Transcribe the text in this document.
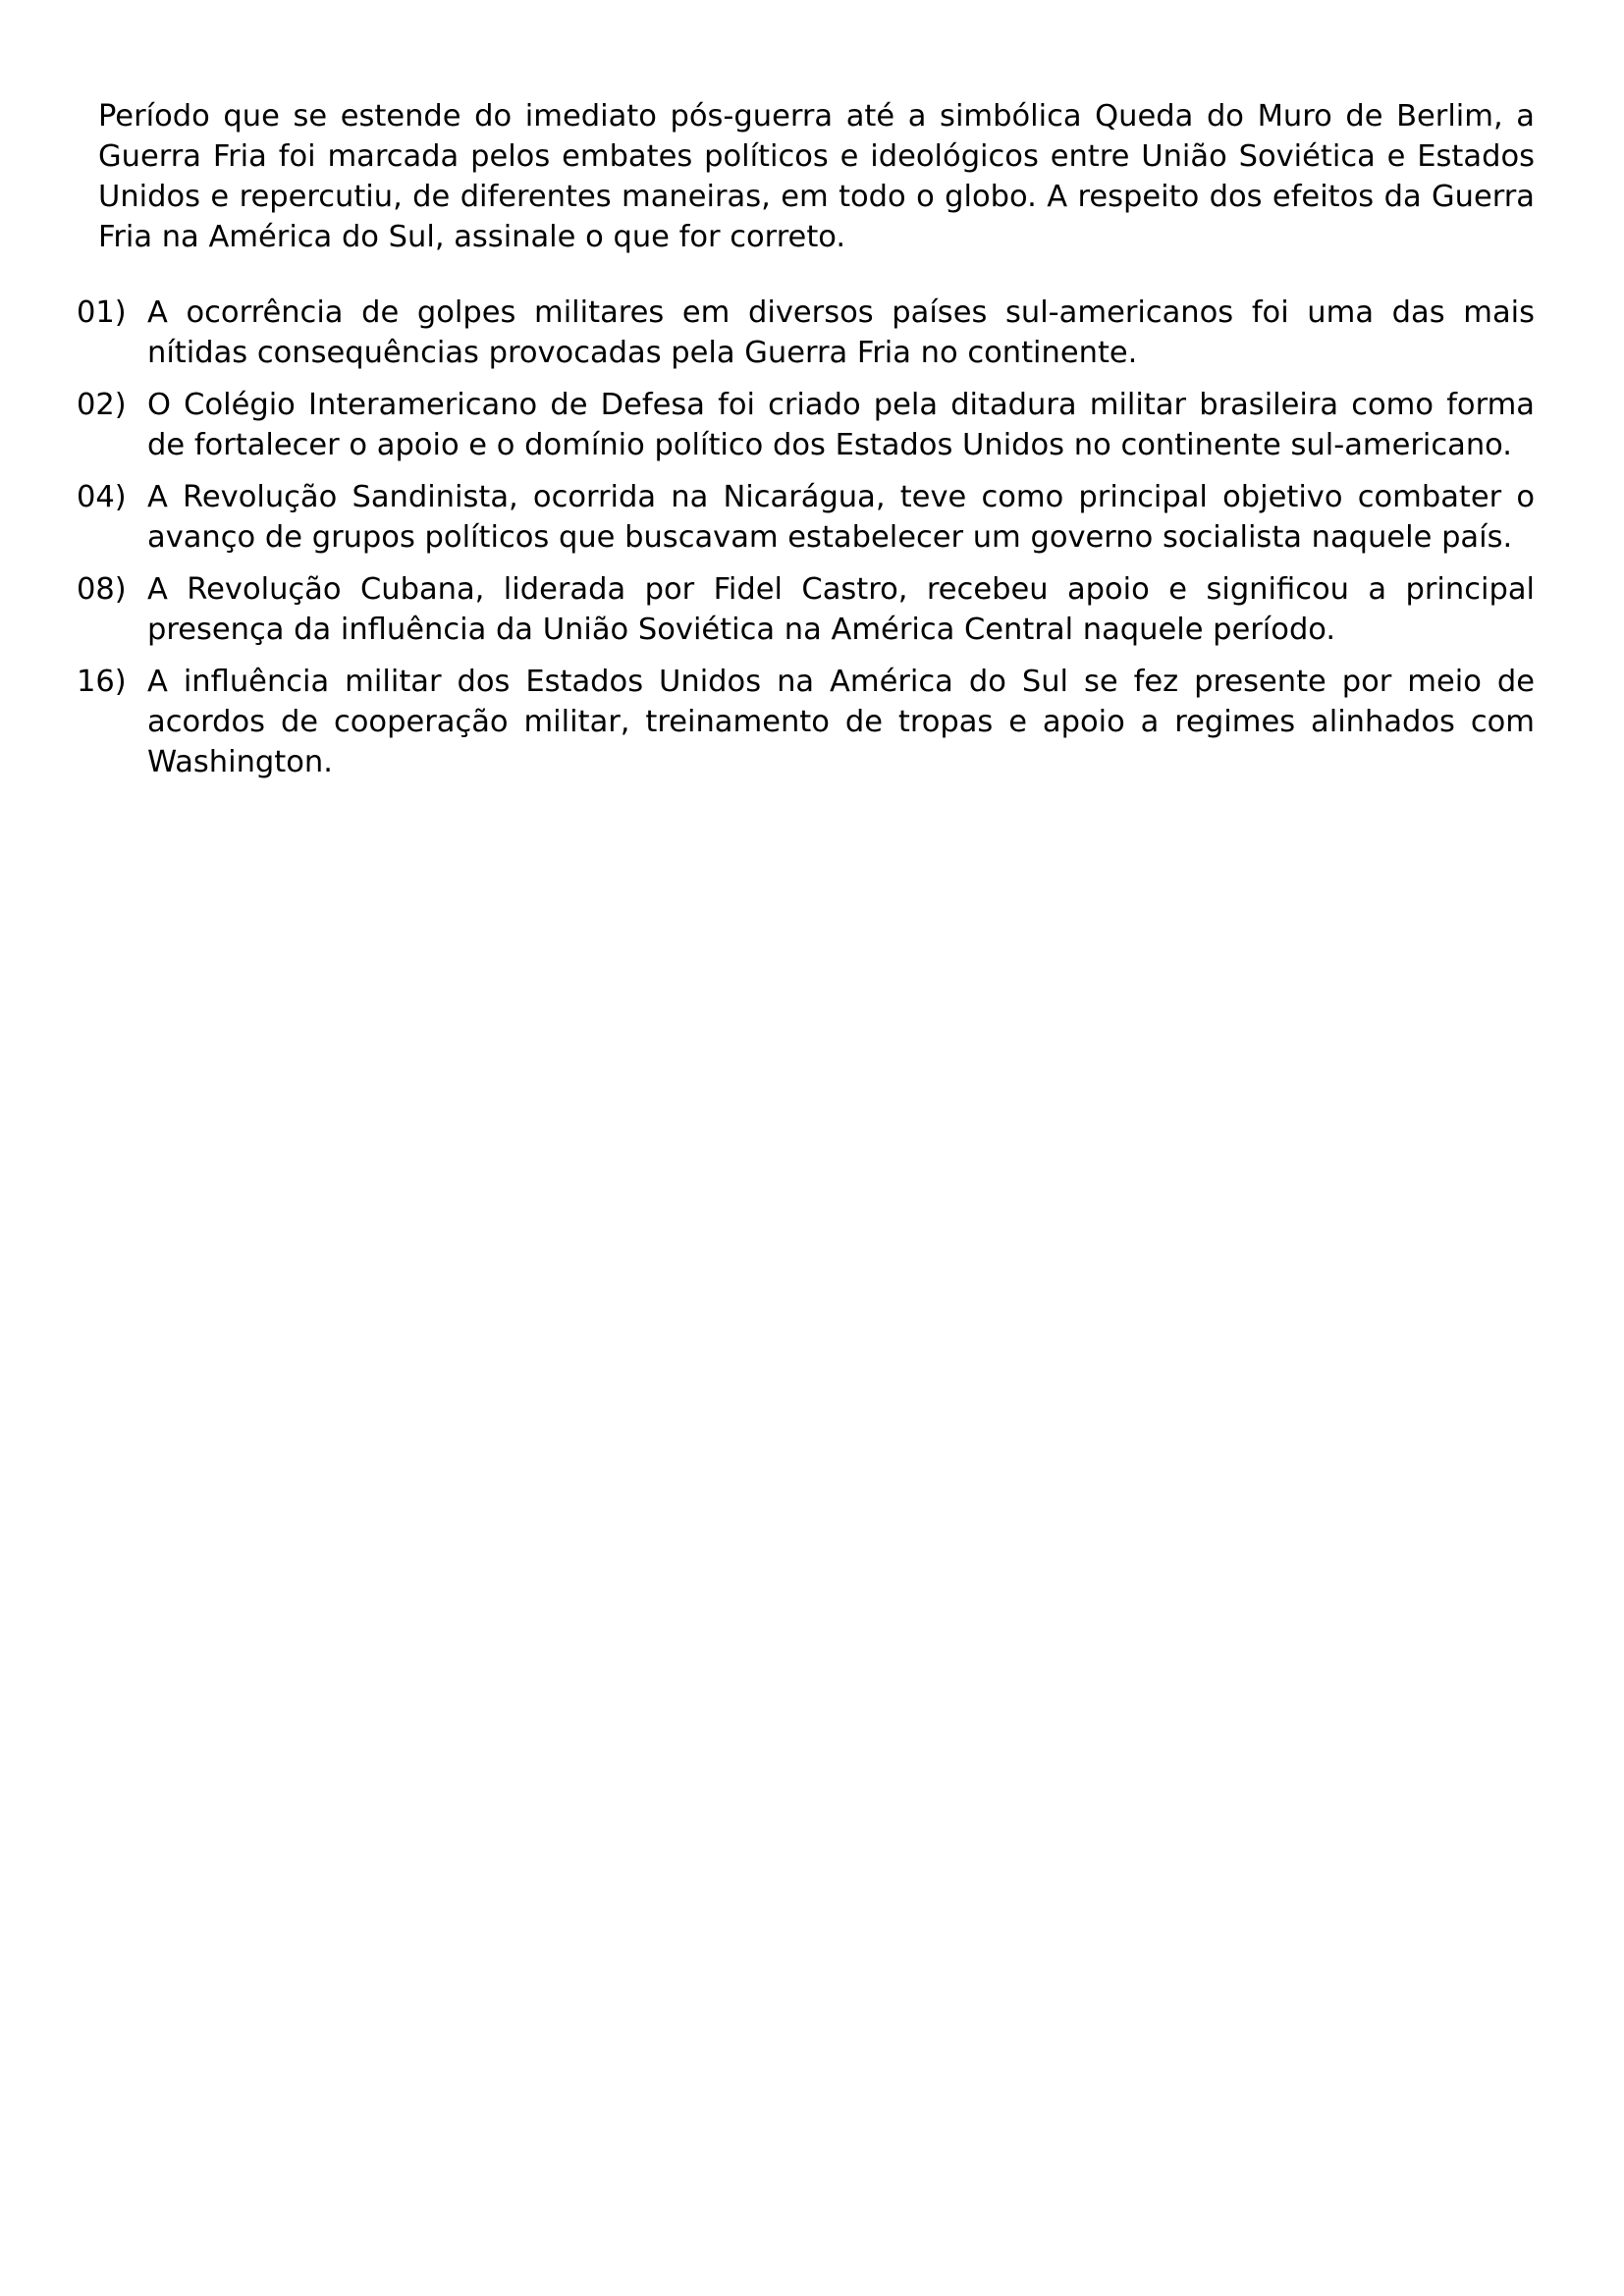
Período que se estende do imediato pós-guerra até a simbólica Queda do Muro de Berlim, a Guerra Fria foi marcada pelos embates políticos e ideológicos entre União Soviética e Estados Unidos e repercutiu, de diferentes maneiras, em todo o globo. A respeito dos efeitos da Guerra Fria na América do Sul, assinale o que for correto.

01) A ocorrência de golpes militares em diversos países sul-americanos foi uma das mais nítidas consequências provocadas pela Guerra Fria no continente.
02) O Colégio Interamericano de Defesa foi criado pela ditadura militar brasileira como forma de fortalecer o apoio e o domínio político dos Estados Unidos no continente sul-americano.
04) A Revolução Sandinista, ocorrida na Nicarágua, teve como principal objetivo combater o avanço de grupos políticos que buscavam estabelecer um governo socialista naquele país.
08) A Revolução Cubana, liderada por Fidel Castro, recebeu apoio e significou a principal presença da influência da União Soviética na América Central naquele período.
16) A influência militar dos Estados Unidos na América do Sul se fez presente por meio de acordos de cooperação militar, treinamento de tropas e apoio a regimes alinhados com Washington.
